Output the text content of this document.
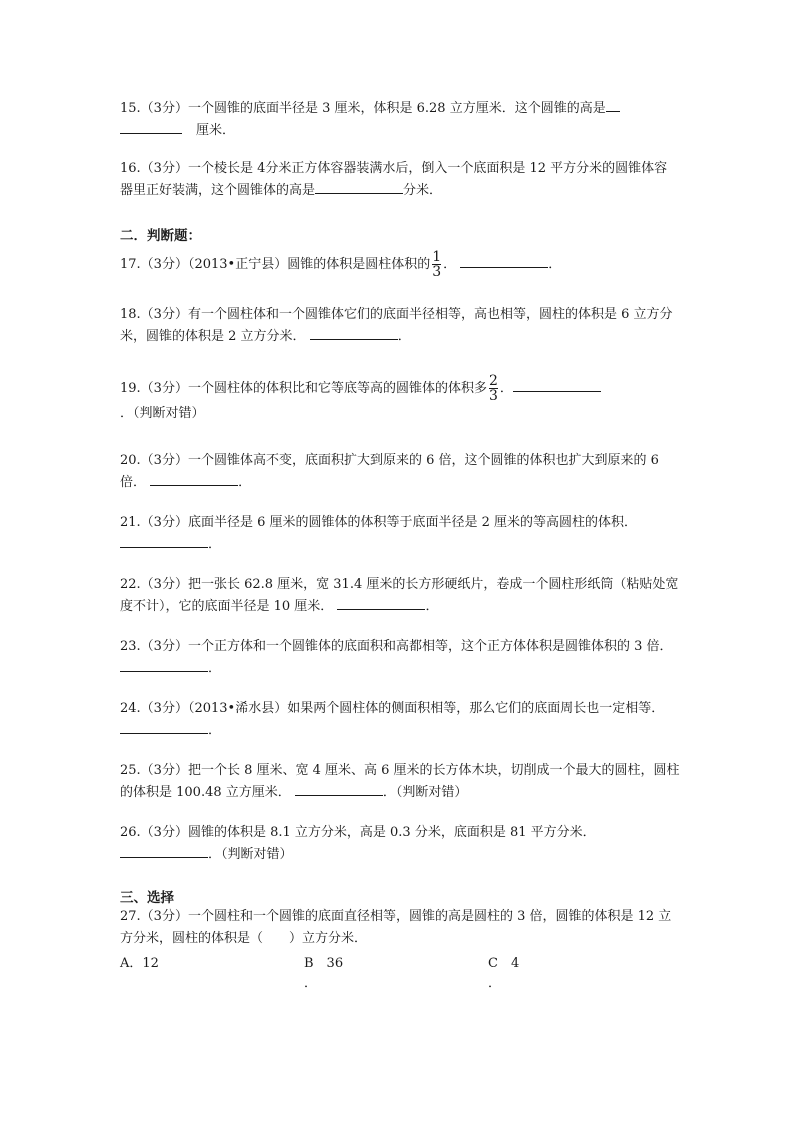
15.（3分）一个圆锥的底面半径是 3 厘米，体积是 6.28 立方厘米．这个圆锥的高是
厘米．
16.（3分）一个棱长是 4分米正方体容器装满水后，倒入一个底面积是 12 平方分米的圆锥体容器里正好装满，这个圆锥体的高是	分米．
二．判断题：
17.（3分）（2013•正宁县）圆锥的体积是圆柱体积的 $\frac{1}{3}$ ．	．
18.（3分）有一个圆柱体和一个圆锥体它们的底面半径相等，高也相等，圆柱的体积是 6 立方分米，圆锥的体积是 2 立方分米．	．
19.（3分）一个圆柱体的体积比和它等底等高的圆锥体的体积多 $\frac{2}{3}$ ．．（判断对错）
20.（3分）一个圆锥体高不变，底面积扩大到原来的 6 倍，这个圆锥的体积也扩大到原来的 6 倍．	．
21.（3分）底面半径是 6 厘米的圆锥体的体积等于底面半径是 2 厘米的等高圆柱的体积． ．
22.（3分）把一张长 62.8 厘米，宽 31.4 厘米的长方形硬纸片，卷成一个圆柱形纸筒（粘贴处宽度不计），它的底面半径是 10 厘米．	．
23.（3分）一个正方体和一个圆锥体的底面积和高都相等，这个正方体体积是圆锥体积的 3 倍． ．
24.（3分）（2013•浠水县）如果两个圆柱体的侧面积相等，那么它们的底面周长也一定相等． ．
25.（3分）把一个长 8 厘米、宽 4 厘米、高 6 厘米的长方体木块，切削成一个最大的圆柱，圆柱的体积是 100.48 立方厘米．	．（判断对错）
26.（3分）圆锥的体积是 8.1 立方分米，高是 0.3 分米，底面积是 81 平方分米． ．（判断对错）
三、选择
27.（3分）一个圆柱和一个圆锥的底面直径相等，圆锥的高是圆柱的 3 倍，圆锥的体积是 12 立方分米，圆柱的体积是（　　）立方分米．
A．12	B　36
．
C　4
．
